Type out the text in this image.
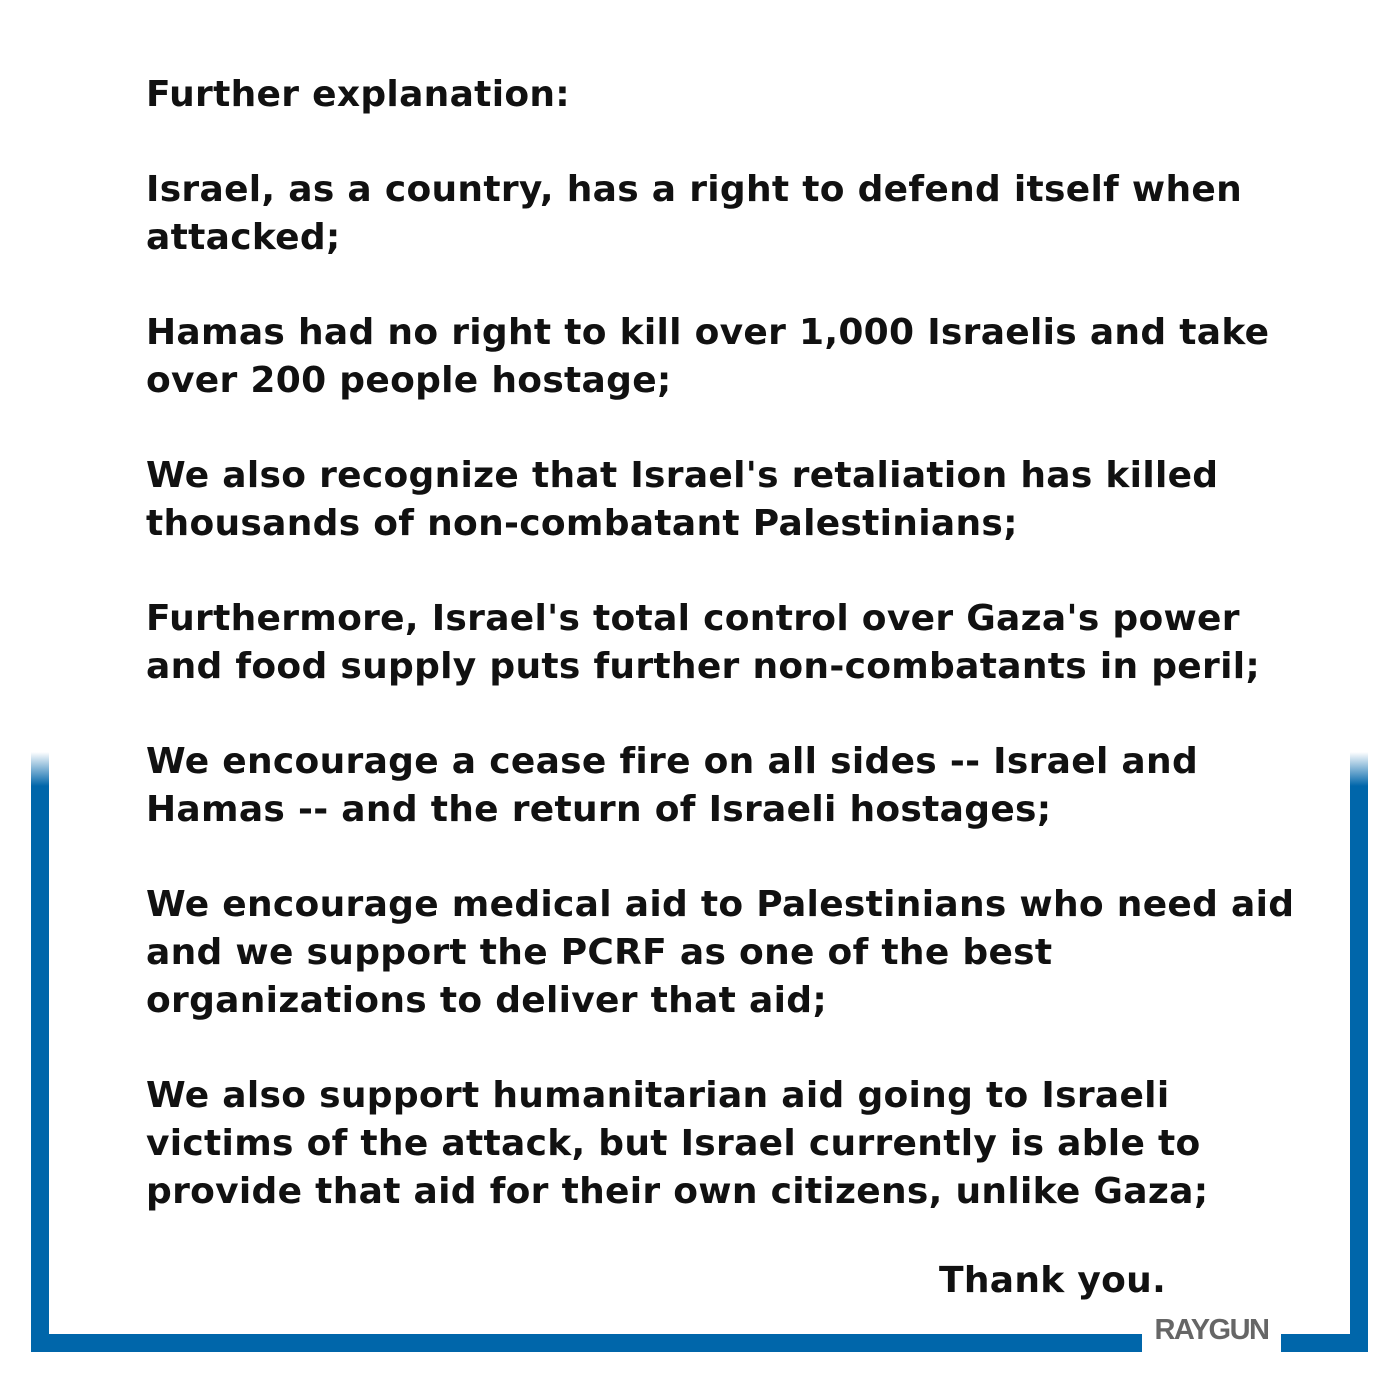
RAYGUN
Further explanation:

Israel, as a country, has a right to defend itself when attacked;

Hamas had no right to kill over 1,000 Israelis and take over 200 people hostage;

We also recognize that Israel's retaliation has killed thousands of non-combatant Palestinians;

Furthermore, Israel's total control over Gaza's power and food supply puts further non-combatants in peril;

We encourage a cease fire on all sides -- Israel and Hamas -- and the return of Israeli hostages;

We encourage medical aid to Palestinians who need aid and we support the PCRF as one of the best organizations to deliver that aid;

We also support humanitarian aid going to Israeli victims of the attack, but Israel currently is able to provide that aid for their own citizens, unlike Gaza;

Thank you.
